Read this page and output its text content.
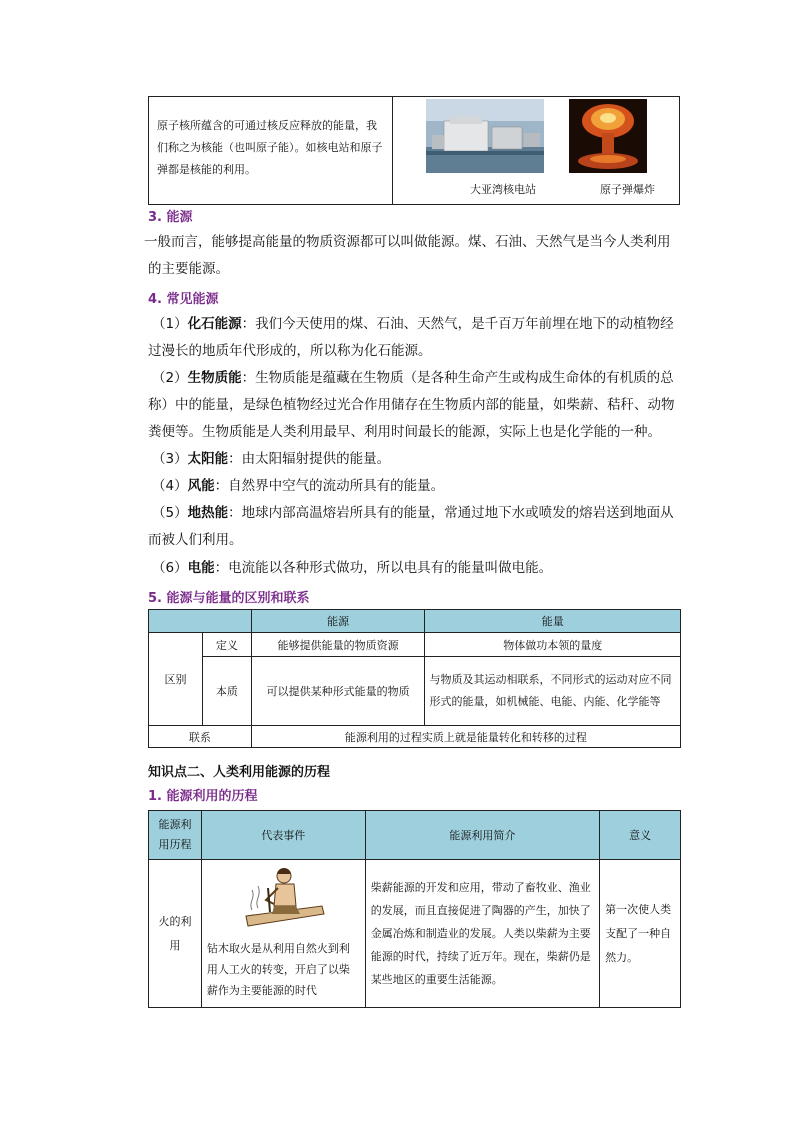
原子核所蕴含的可通过核反应释放的能量，我们称之为核能（也叫原子能）。如核电站和原子弹都是核能的利用。
大亚湾核电站	原子弹爆炸
3. 能源
一般而言，能够提高能量的物质资源都可以叫做能源。煤、石油、天然气是当今人类利用的主要能源。
4. 常见能源
（1）化石能源：我们今天使用的煤、石油、天然气，是千百万年前埋在地下的动植物经过漫长的地质年代形成的，所以称为化石能源。
（2）生物质能：生物质能是蕴藏在生物质（是各种生命产生或构成生命体的有机质的总称）中的能量，是绿色植物经过光合作用储存在生物质内部的能量，如柴薪、秸秆、动物粪便等。生物质能是人类利用最早、利用时间最长的能源，实际上也是化学能的一种。
（3）太阳能：由太阳辐射提供的能量。
（4）风能：自然界中空气的流动所具有的能量。
（5）地热能：地球内部高温熔岩所具有的能量，常通过地下水或喷发的熔岩送到地面从而被人们利用。
（6）电能：电流能以各种形式做功，所以电具有的能量叫做电能。
5. 能源与能量的区别和联系
		能源	能量
区别	定义	能够提供能量的物质资源	物体做功本领的量度
	本质	可以提供某种形式能量的物质	与物质及其运动相联系，不同形式的运动对应不同形式的能量，如机械能、电能、内能、化学能等
联系		能源利用的过程实质上就是能量转化和转移的过程	
知识点二、人类利用能源的历程
1. 能源利用的历程
能源利用历程	代表事件	能源利用简介	意义
火的利用	钻木取火是从利用自然火到利用人工火的转变，开启了以柴薪作为主要能源的时代	柴薪能源的开发和应用，带动了畜牧业、渔业的发展，而且直接促进了陶器的产生，加快了金属冶炼和制造业的发展。人类以柴薪为主要能源的时代，持续了近万年。现在，柴薪仍是某些地区的重要生活能源。	第一次使人类支配了一种自然力。
